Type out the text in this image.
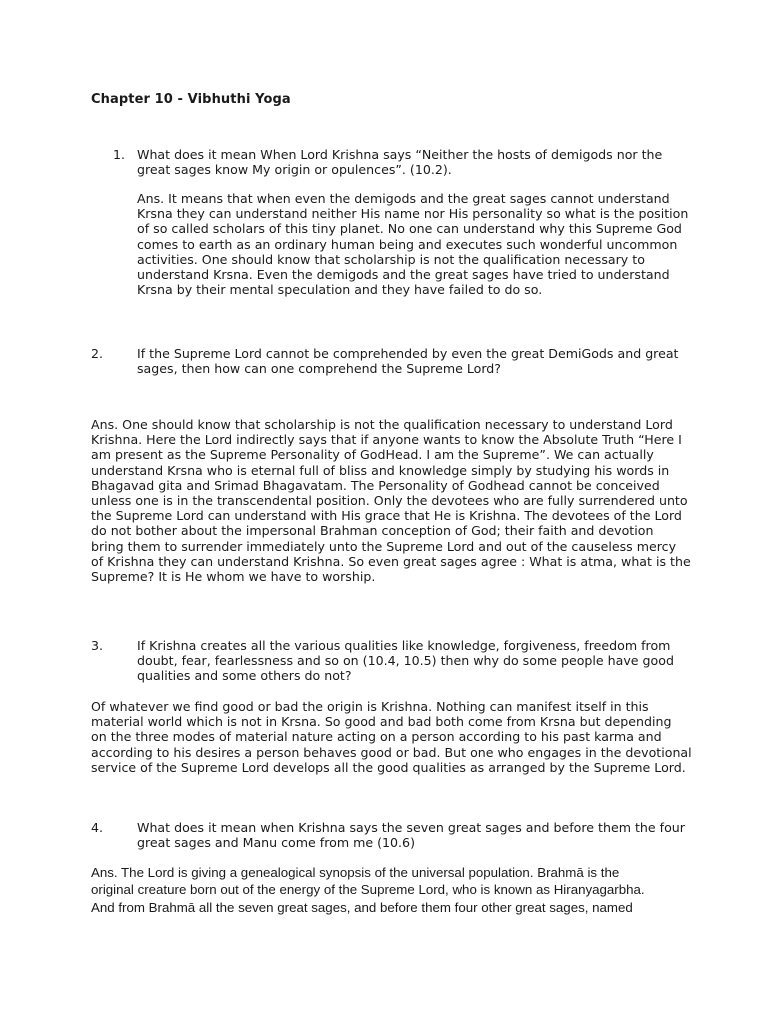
Chapter 10 - Vibhuthi Yoga
1. What does it mean When Lord Krishna says “Neither the hosts of demigods nor the
great sages know My origin or opulences”. (10.2).
Ans. It means that when even the demigods and the great sages cannot understand
Krsna they can understand neither His name nor His personality so what is the position
of so called scholars of this tiny planet. No one can understand why this Supreme God
comes to earth as an ordinary human being and executes such wonderful uncommon
activities. One should know that scholarship is not the qualification necessary to
understand Krsna. Even the demigods and the great sages have tried to understand
Krsna by their mental speculation and they have failed to do so.
2.	If the Supreme Lord cannot be comprehended by even the great DemiGods and great
sages, then how can one comprehend the Supreme Lord?
Ans. One should know that scholarship is not the qualification necessary to understand Lord
Krishna. Here the Lord indirectly says that if anyone wants to know the Absolute Truth “Here I
am present as the Supreme Personality of GodHead. I am the Supreme”. We can actually
understand Krsna who is eternal full of bliss and knowledge simply by studying his words in
Bhagavad gita and Srimad Bhagavatam. The Personality of Godhead cannot be conceived
unless one is in the transcendental position. Only the devotees who are fully surrendered unto
the Supreme Lord can understand with His grace that He is Krishna. The devotees of the Lord
do not bother about the impersonal Brahman conception of God; their faith and devotion
bring them to surrender immediately unto the Supreme Lord and out of the causeless mercy
of Krishna they can understand Krishna. So even great sages agree : What is atma, what is the
Supreme? It is He whom we have to worship.
3.	If Krishna creates all the various qualities like knowledge, forgiveness, freedom from
doubt, fear, fearlessness and so on (10.4, 10.5) then why do some people have good
qualities and some others do not?
Of whatever we find good or bad the origin is Krishna. Nothing can manifest itself in this
material world which is not in Krsna. So good and bad both come from Krsna but depending
on the three modes of material nature acting on a person according to his past karma and
according to his desires a person behaves good or bad. But one who engages in the devotional
service of the Supreme Lord develops all the good qualities as arranged by the Supreme Lord.
4.	What does it mean when Krishna says the seven great sages and before them the four
great sages and Manu come from me (10.6)
Ans. The Lord is giving a genealogical synopsis of the universal population. Brahmā is the
original creature born out of the energy of the Supreme Lord, who is known as Hiranyagarbha.
And from Brahmā all the seven great sages, and before them four other great sages, named
